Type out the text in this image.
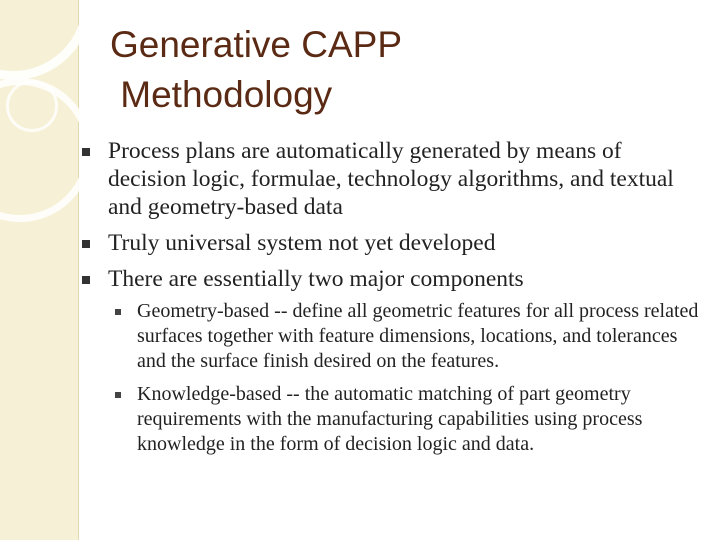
Generative CAPP
Methodology
Process plans are automatically generated by means of decision logic, formulae, technology algorithms, and textual and geometry-based data
Truly universal system not yet developed
There are essentially two major components
Geometry-based -- define all geometric features for all process related surfaces together with feature dimensions, locations, and tolerances and the surface finish desired on the features.
Knowledge-based -- the automatic matching of part geometry requirements with the manufacturing capabilities using process knowledge in the form of decision logic and data.
